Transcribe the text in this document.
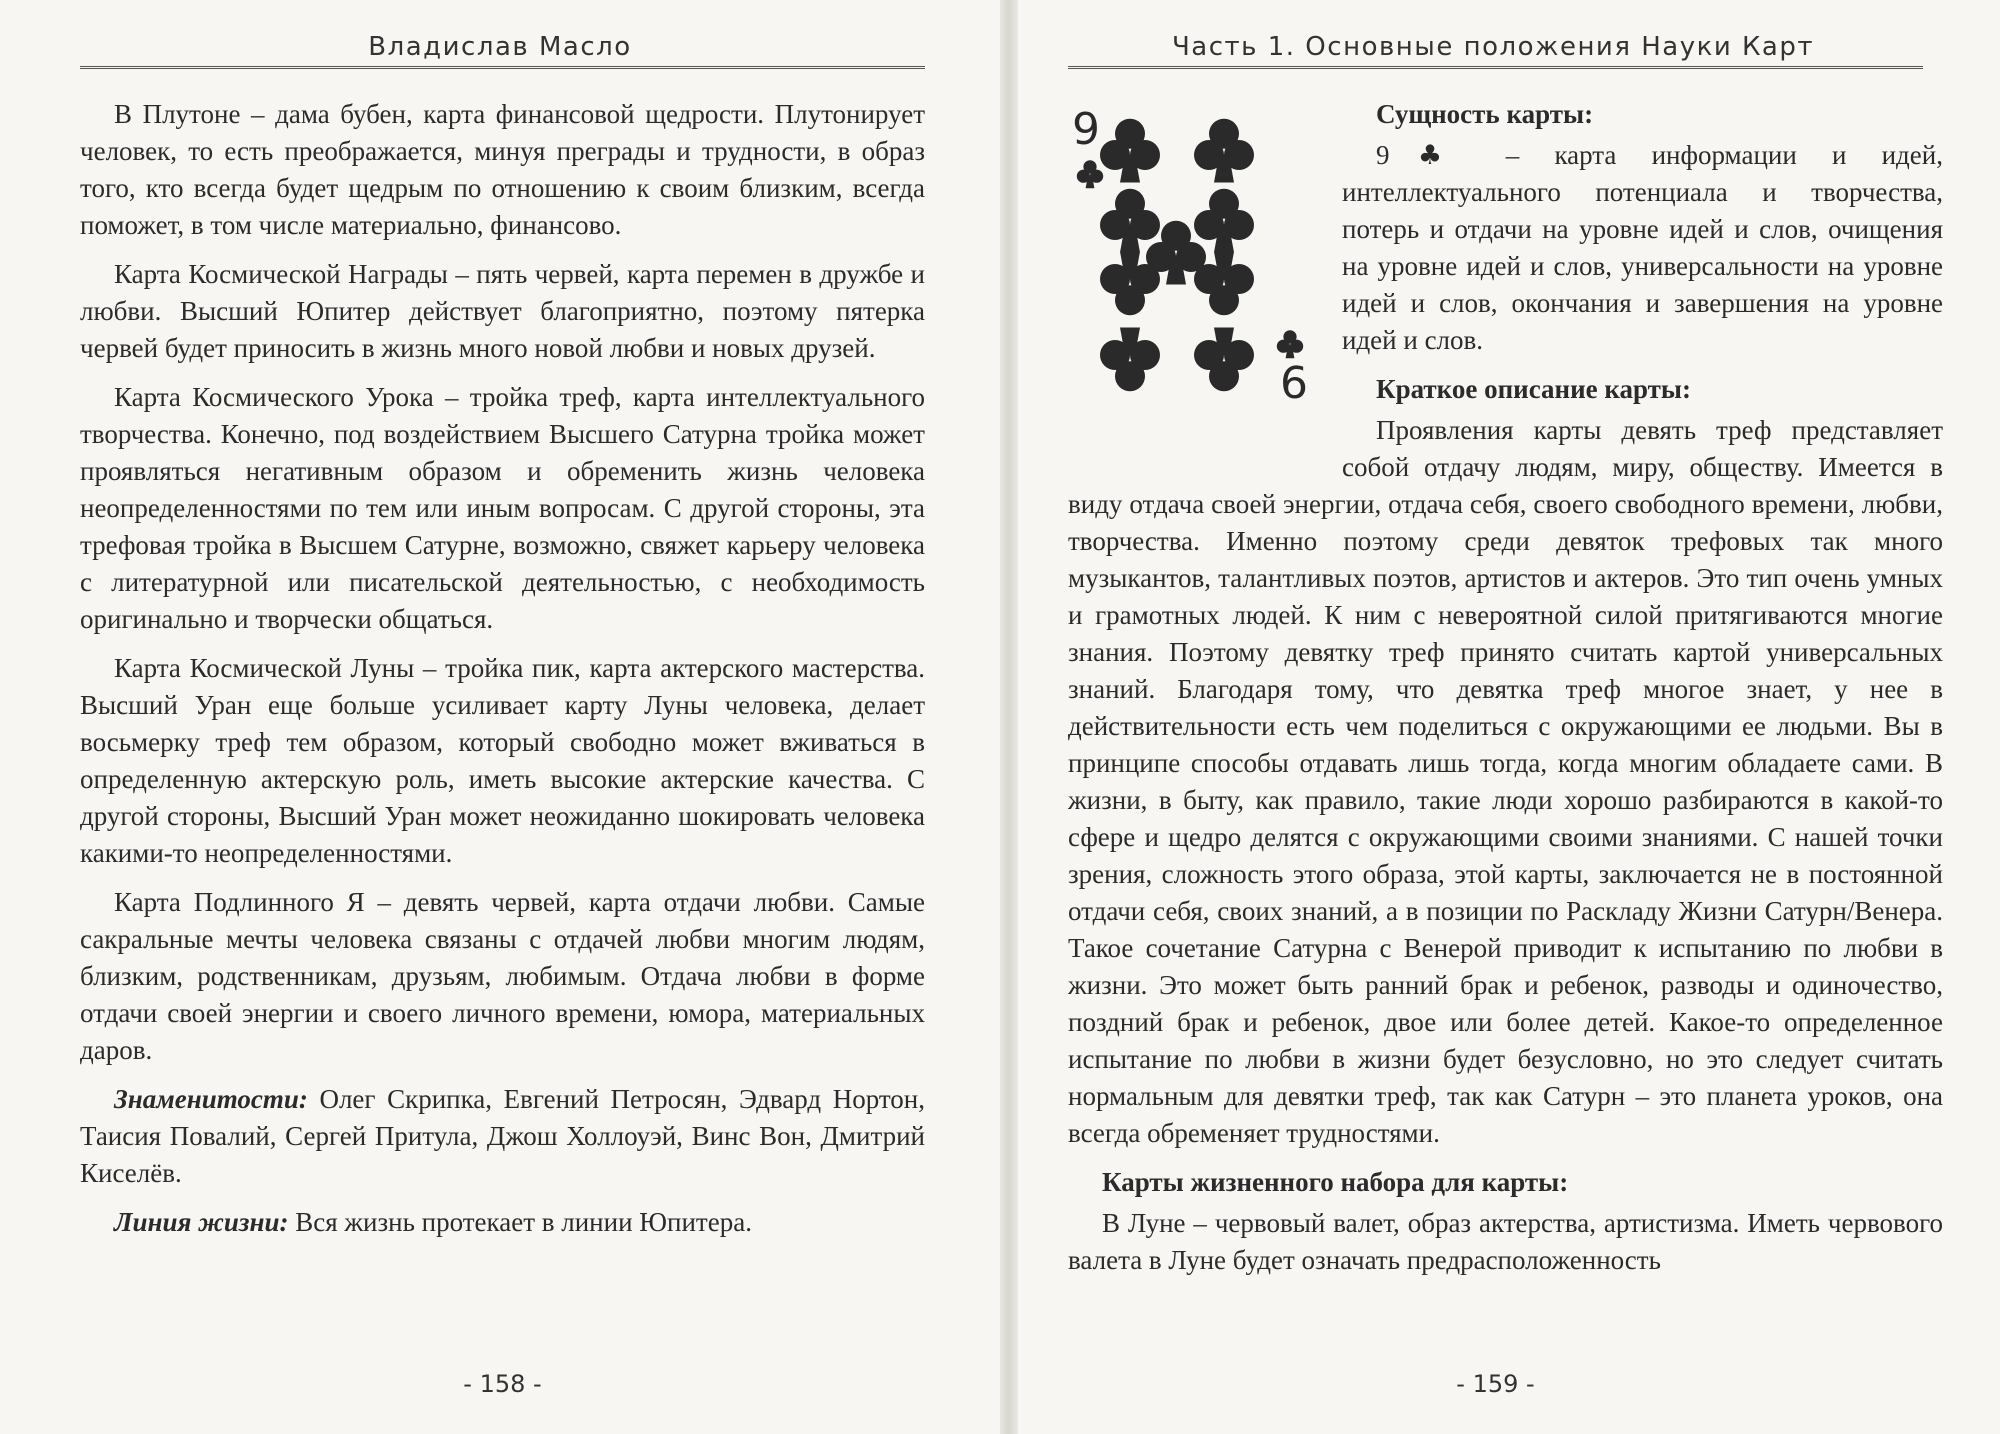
Владислав Масло

В Плутоне – дама бубен, карта финансовой щедрости. Плутонирует человек, то есть преображается, минуя преграды и трудности, в образ того, кто всегда будет щедрым по отношению к своим близким, всегда поможет, в том числе материально, финансово.

Карта Космической Награды – пять червей, карта перемен в дружбе и любви. Высший Юпитер действует благоприятно, поэтому пятерка червей будет приносить в жизнь много новой любви и новых друзей.

Карта Космического Урока – тройка треф, карта интеллектуального творчества. Конечно, под воздействием Высшего Сатурна тройка может проявляться негативным образом и обременить жизнь человека неопределенностями по тем или иным вопросам. С другой стороны, эта трефовая тройка в Высшем Сатурне, возможно, свяжет карьеру человека с литературной или писательской деятельностью, с необходимость оригинально и творчески общаться.

Карта Космической Луны – тройка пик, карта актерского мастерства. Высший Уран еще больше усиливает карту Луны человека, делает восьмерку треф тем образом, который свободно может вживаться в определенную актерскую роль, иметь высокие актерские качества. С другой стороны, Высший Уран может неожиданно шокировать человека какими-то неопределенностями.

Карта Подлинного Я – девять червей, карта отдачи любви. Самые сакральные мечты человека связаны с отдачей любви многим людям, близким, родственникам, друзьям, любимым. Отдача любви в форме отдачи своей энергии и своего личного времени, юмора, материальных даров.

Знаменитости: Олег Скрипка, Евгений Петросян, Эдвард Нортон, Таисия Повалий, Сергей Притула, Джош Холлоуэй, Винс Вон, Дмитрий Киселёв.

Линия жизни: Вся жизнь протекает в линии Юпитера.

- 158 -
Часть 1. Основные положения Науки Карт
9
6
Сущность карты:

9♣ – карта информации и идей, интеллектуального потенциала и творчества, потерь и отдачи на уровне идей и слов, очищения на уровне идей и слов, универсальности на уровне идей и слов, окончания и завершения на уровне идей и слов.

Краткое описание карты:

Проявления карты девять треф представляет собой отдачу людям, миру, обществу. Имеется в виду отдача своей энергии, отдача себя, своего свободного времени, любви, творчества. Именно поэтому среди девяток трефовых так много музыкантов, талантливых поэтов, артистов и актеров. Это тип очень умных и грамотных людей. К ним с невероятной силой притягиваются многие знания. Поэтому девятку треф принято считать картой универсальных знаний. Благодаря тому, что девятка треф многое знает, у нее в действительности есть чем поделиться с окружающими ее людьми. Вы в принципе способы отдавать лишь тогда, когда многим обладаете сами. В жизни, в быту, как правило, такие люди хорошо разбираются в какой-то сфере и щедро делятся с окружающими своими знаниями. С нашей точки зрения, сложность этого образа, этой карты, заключается не в постоянной отдачи себя, своих знаний, а в позиции по Раскладу Жизни Сатурн/Венера. Такое сочетание Сатурна с Венерой приводит к испытанию по любви в жизни. Это может быть ранний брак и ребенок, разводы и одиночество, поздний брак и ребенок, двое или более детей. Какое-то определенное испытание по любви в жизни будет безусловно, но это следует считать нормальным для девятки треф, так как Сатурн – это планета уроков, она всегда обременяет трудностями.

Карты жизненного набора для карты:

В Луне – червовый валет, образ актерства, артистизма. Иметь червового валета в Луне будет означать предрасположенность

- 159 -
